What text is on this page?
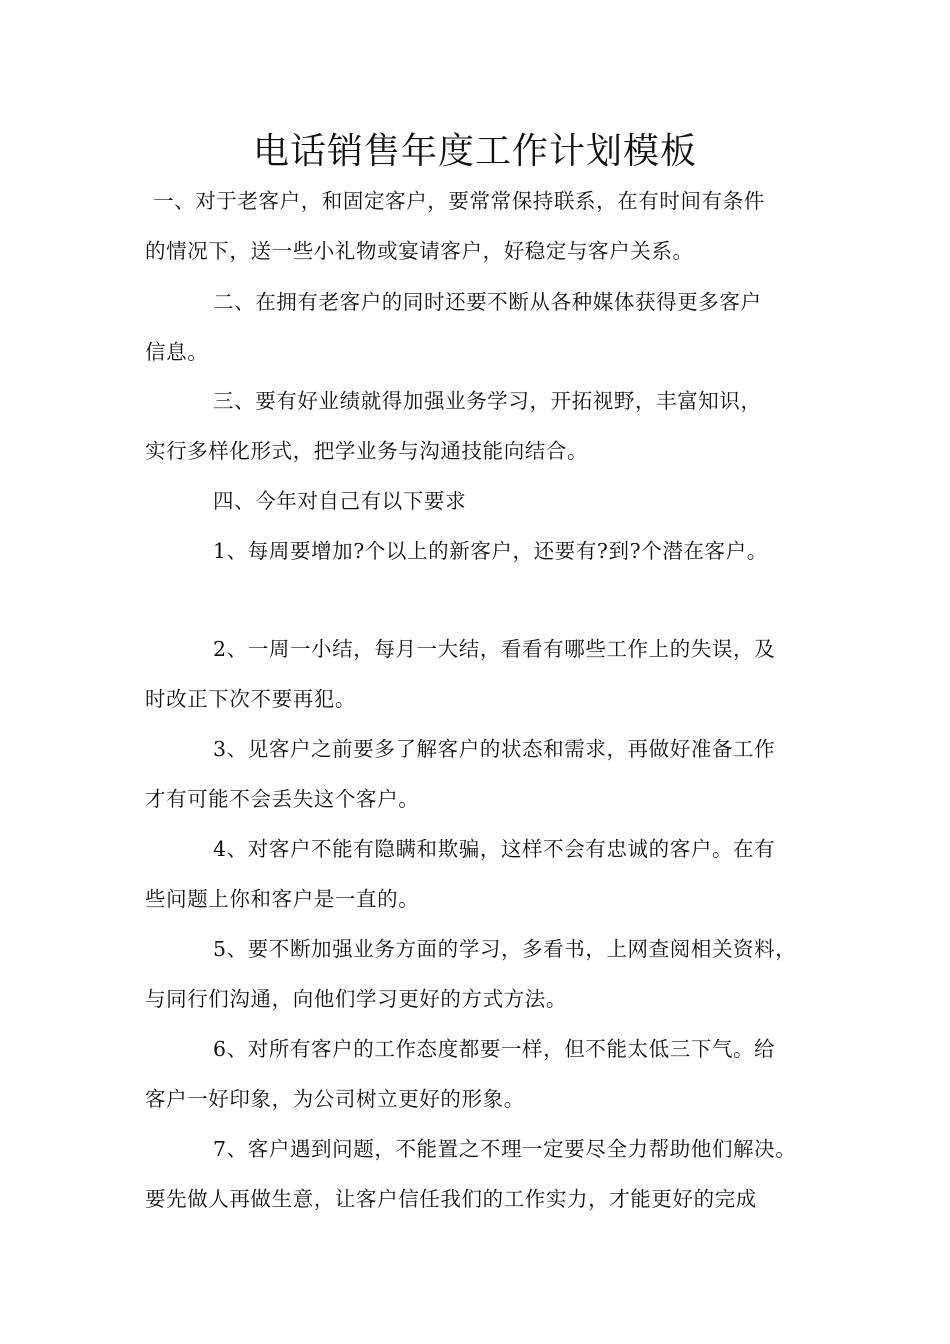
电话销售年度工作计划模板

一、对于老客户，和固定客户，要常常保持联系，在有时间有条件

的情况下，送一些小礼物或宴请客户，好稳定与客户关系。

二、在拥有老客户的同时还要不断从各种媒体获得更多客户

信息。

三、要有好业绩就得加强业务学习，开拓视野，丰富知识，

实行多样化形式，把学业务与沟通技能向结合。

四、今年对自己有以下要求

1、每周要增加?个以上的新客户，还要有?到?个潜在客户。

2、一周一小结，每月一大结，看看有哪些工作上的失误，及

时改正下次不要再犯。

3、见客户之前要多了解客户的状态和需求，再做好准备工作

才有可能不会丢失这个客户。

4、对客户不能有隐瞒和欺骗，这样不会有忠诚的客户。在有

些问题上你和客户是一直的。

5、要不断加强业务方面的学习，多看书，上网查阅相关资料，

与同行们沟通，向他们学习更好的方式方法。

6、对所有客户的工作态度都要一样，但不能太低三下气。给

客户一好印象，为公司树立更好的形象。

7、客户遇到问题，不能置之不理一定要尽全力帮助他们解决。

要先做人再做生意，让客户信任我们的工作实力，才能更好的完成
